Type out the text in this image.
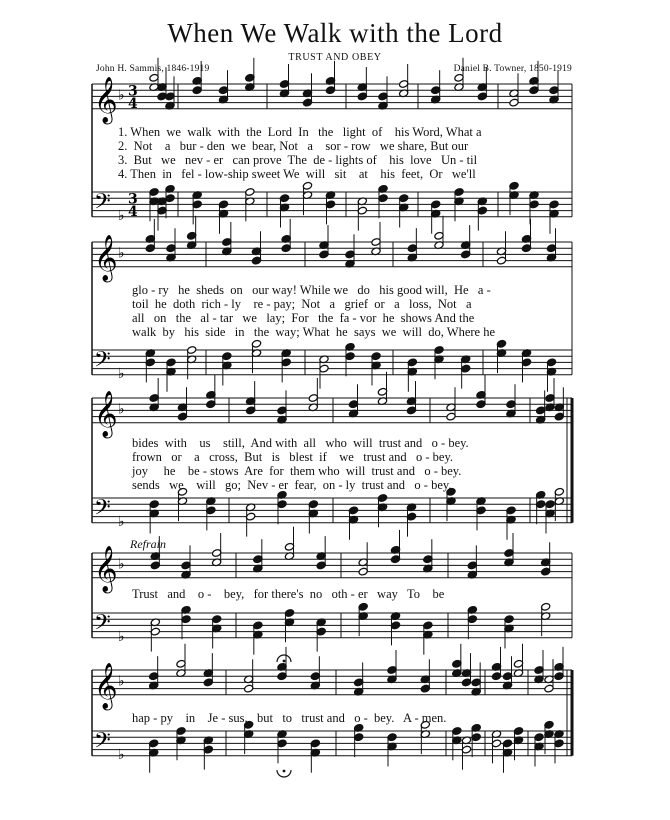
𝄞 ♭
𝄢 ♭
𝄞 ♭
𝄢 ♭
𝄞 ♭
𝄢 ♭
𝄞 ♭
𝄢 ♭
𝄞 ♭
𝄢 ♭
3
4
3
4
When We Walk with the Lord
TRUST AND OBEY
John H. Sammis, 1846-1919	Daniel B. Towner, 1850-1919
1. When  we  walk  with  the  Lord  In   the   light  of    his Word, What a
2.  Not    a   bur - den  we  bear, Not   a    sor - row   we share, But our
3.  But   we   nev - er   can prove  The  de - lights of    his  love   Un - til
4. Then  in   fel - low-ship sweet We  will   sit    at    his  feet,  Or   we'll
glo - ry   he  sheds  on   our way! While we   do   his good will,  He   a -
toil  he  doth  rich - ly    re - pay;  Not   a   grief  or   a   loss,  Not   a
all   on   the   al - tar   we   lay;  For   the  fa - vor  he  shows And the
walk  by   his  side   in   the  way; What  he  says  we  will  do, Where he
bides  with    us    still,  And with  all   who  will  trust and   o - bey.
frown   or    a   cross,  But   is   blest  if    we   trust and   o - bey.
joy     he    be - stows  Are  for  them who  will  trust and   o - bey.
sends   we    will   go;  Nev - er  fear,  on - ly  trust and   o - bey.
Refrain
Trust   and    o -    bey,   for there's  no   oth - er   way   To    be
hap - py    in    Je - sus,   but   to   trust and   o -  bey.   A - men.
